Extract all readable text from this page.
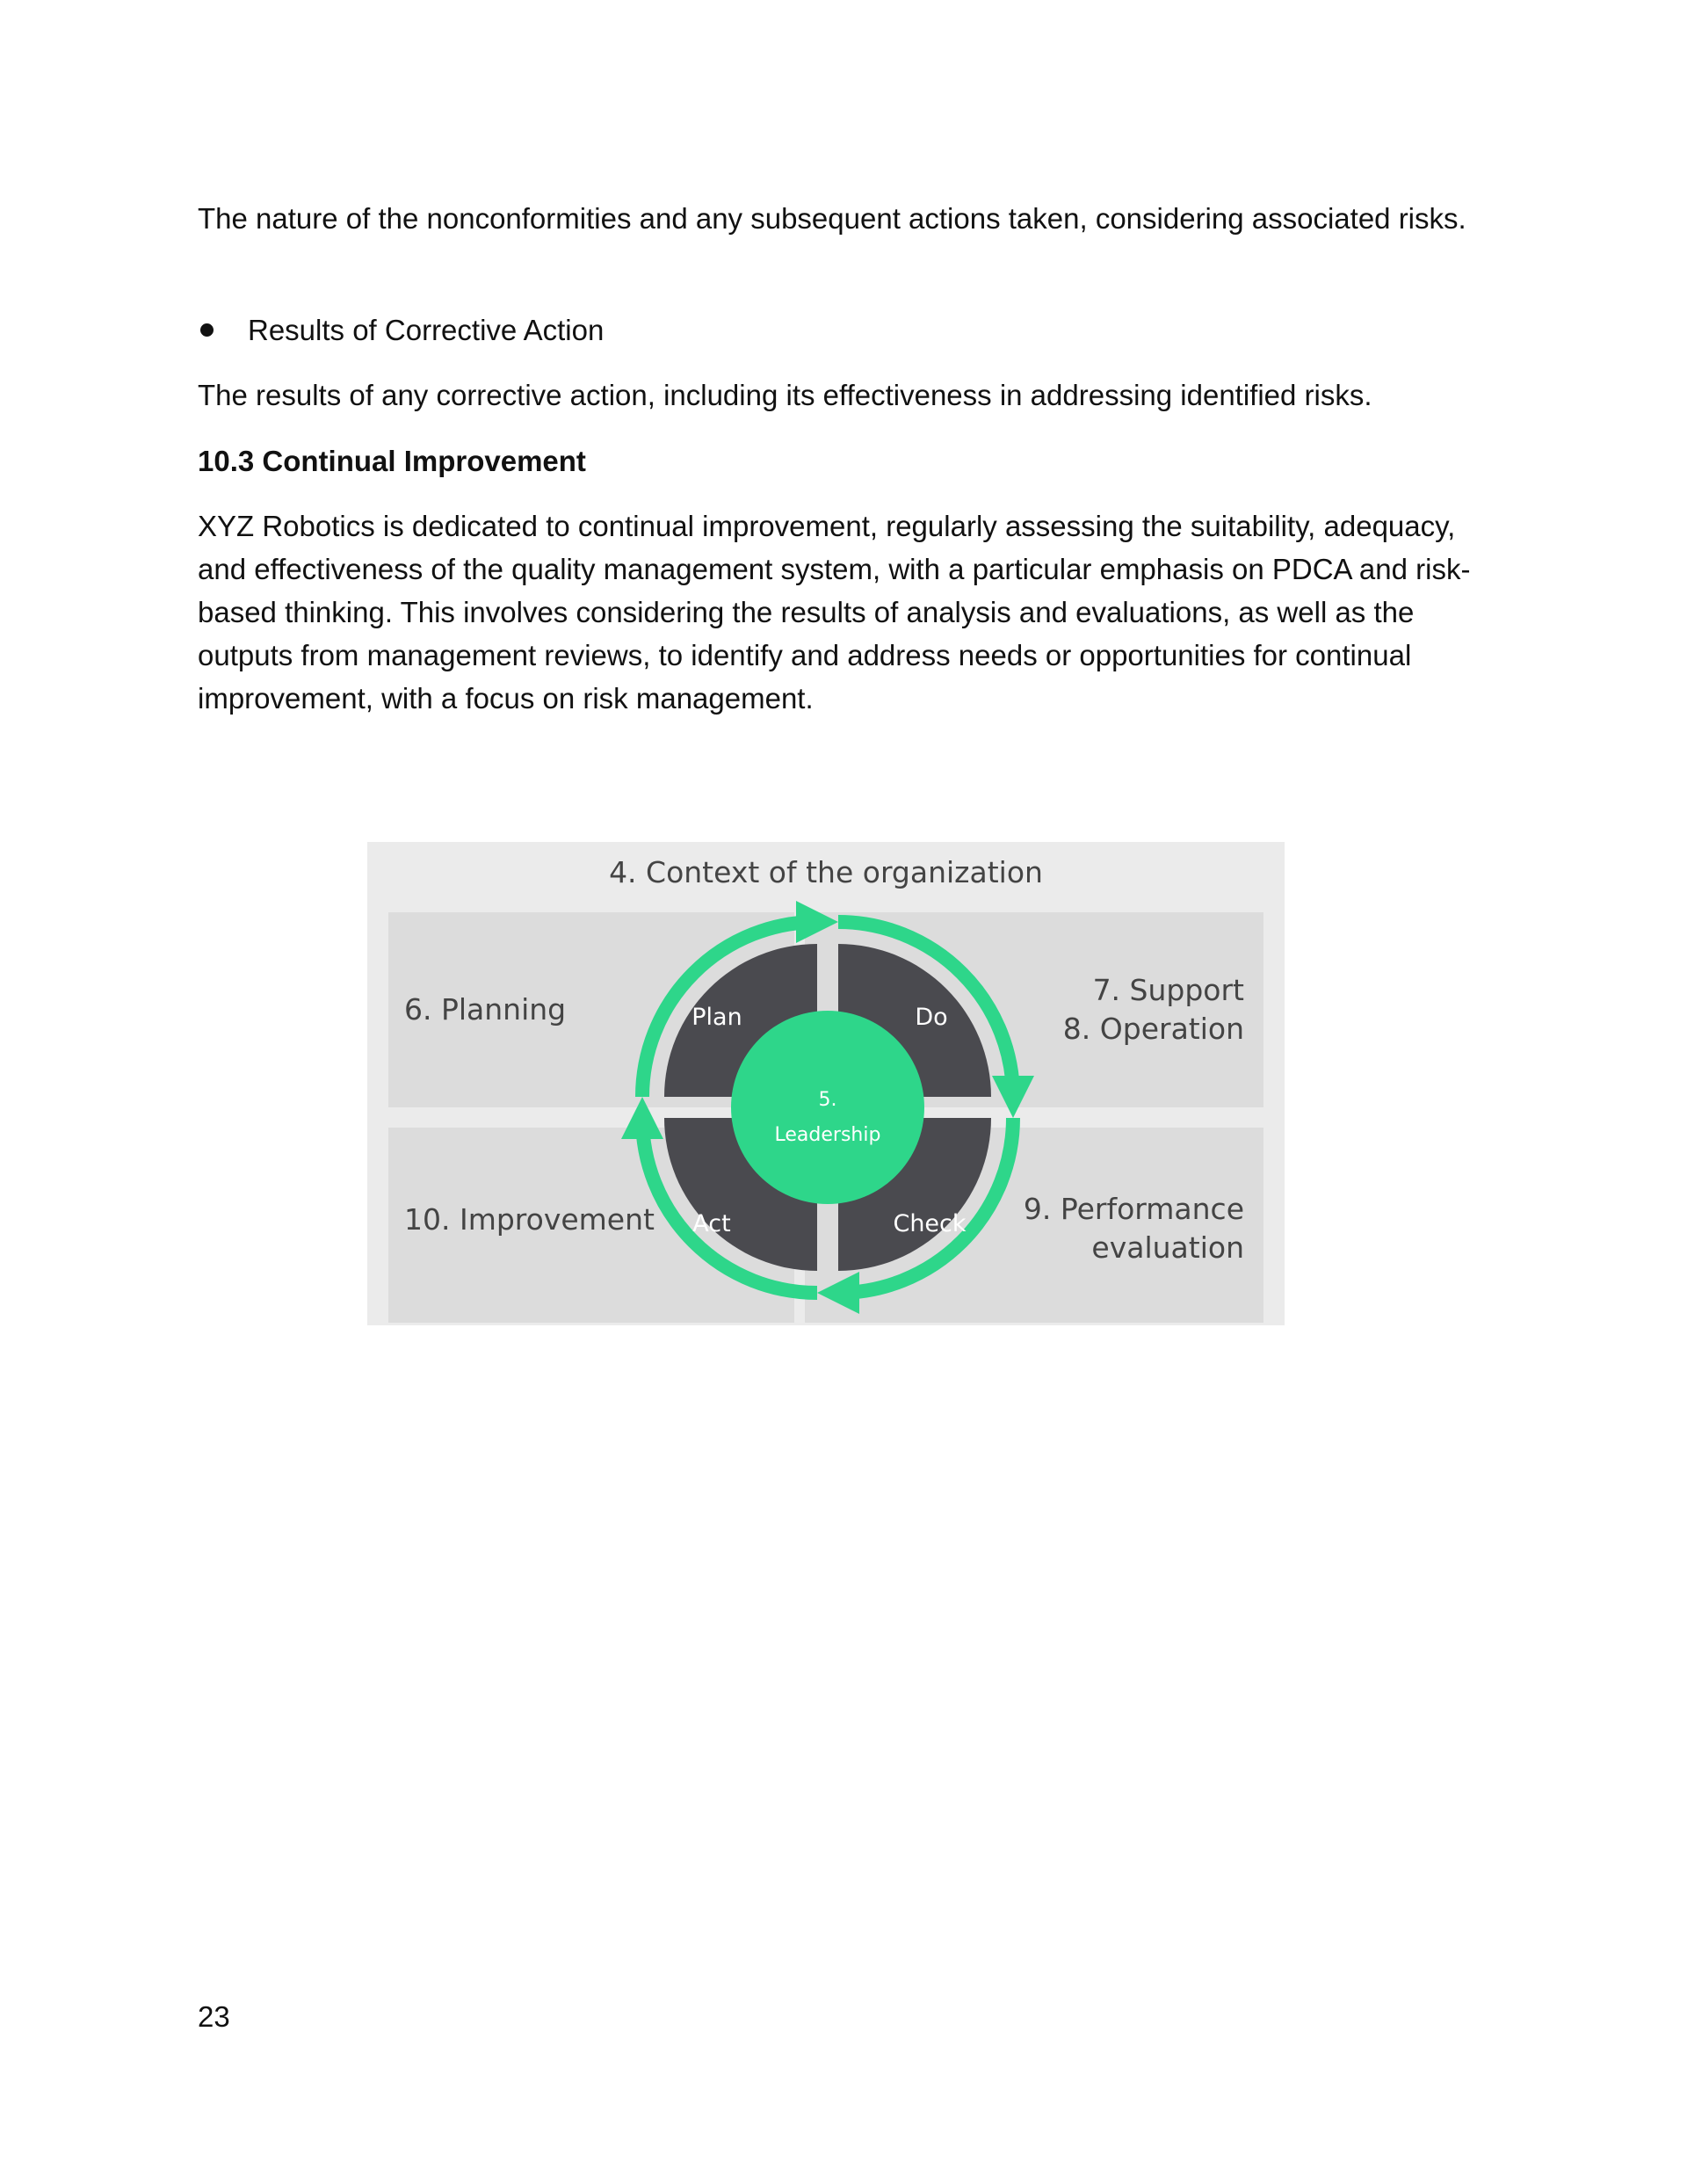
The nature of the nonconformities and any subsequent actions taken, considering associated risks.
Results of Corrective Action
The results of any corrective action, including its effectiveness in addressing identified risks.
10.3 Continual Improvement
XYZ Robotics is dedicated to continual improvement, regularly assessing the suitability, adequacy, and effectiveness of the quality management system, with a particular emphasis on PDCA and risk-based thinking. This involves considering the results of analysis and evaluations, as well as the outputs from management reviews, to identify and address needs or opportunities for continual improvement, with a focus on risk management.
4. Context of the organization
6. Planning
7. Support
8. Operation
10. Improvement	9. Performance
evaluation
Plan	Do
Act	Check
5.
Leadership
23
